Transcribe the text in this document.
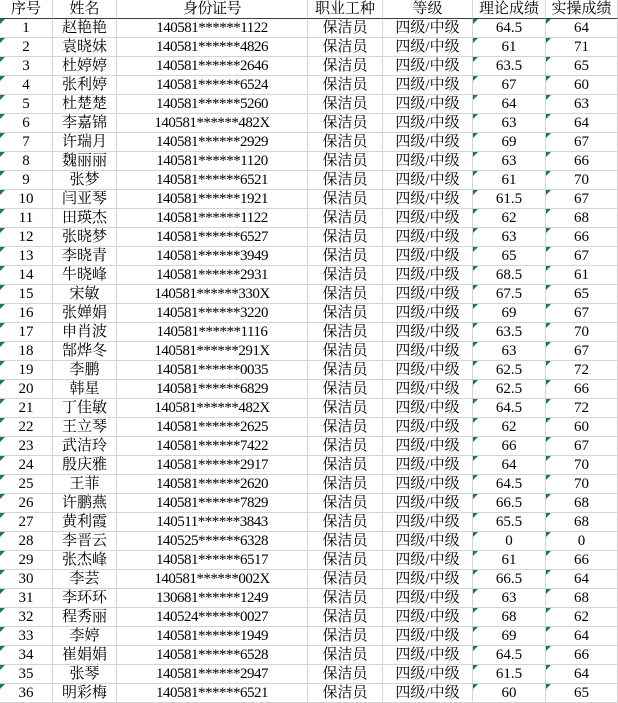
序号	姓名	身份证号	职业工种	等级	理论成绩 实操成绩
1	赵艳艳	140581******1122	保洁员	四级/中级	64.5	64
2	袁晓妹	140581******4826	保洁员	四级/中级	61	71
3	杜婷婷	140581******2646	保洁员	四级/中级	63.5	65
4	张利婷	140581******6524	保洁员	四级/中级	67	60
5	杜楚楚	140581******5260	保洁员	四级/中级	64	63
6	李嘉锦	140581******482X	保洁员	四级/中级	63	64
7	许瑞月	140581******2929	保洁员	四级/中级	69	67
8	魏丽丽	140581******1120	保洁员	四级/中级	63	66
9	张梦	140581******6521	保洁员	四级/中级	61	70
10	闫亚琴	140581******1921	保洁员	四级/中级	61.5	67
11	田瑛杰	140581******1122	保洁员	四级/中级	62	68
12	张晓梦	140581******6527	保洁员	四级/中级	63	66
13	李晓青	140581******3949	保洁员	四级/中级	65	67
14	牛晓峰	140581******2931	保洁员	四级/中级	68.5	61
15	宋敏	140581******330X	保洁员	四级/中级	67.5	65
16	张婵娟	140581******3220	保洁员	四级/中级	69	67
17	申肖波	140581******1116	保洁员	四级/中级	63.5	70
18	郜烨冬	140581******291X	保洁员	四级/中级	63	67
19	李鹏	140581******0035	保洁员	四级/中级	62.5	72
20	韩星	140581******6829	保洁员	四级/中级	62.5	66
21	丁佳敏	140581******482X	保洁员	四级/中级	64.5	72
22	王立琴	140581******2625	保洁员	四级/中级	62	60
23	武洁玲	140581******7422	保洁员	四级/中级	66	67
24	殷庆雅	140581******2917	保洁员	四级/中级	64	70
25	王菲	140581******2620	保洁员	四级/中级	64.5	70
26	许鹏燕	140581******7829	保洁员	四级/中级	66.5	68
27	黄利霞	140511******3843	保洁员	四级/中级	65.5	68
28	李晋云	140525******6328	保洁员	四级/中级	0	0
29	张杰峰	140581******6517	保洁员	四级/中级	61	66
30	李芸	140581******002X	保洁员	四级/中级	66.5	64
31	李环环	130681******1249	保洁员	四级/中级	63	68
32	程秀丽	140524******0027	保洁员	四级/中级	68	62
33	李婷	140581******1949	保洁员	四级/中级	69	64
34	崔娟娟	140581******6528	保洁员	四级/中级	64.5	66
35	张琴	140581******2947	保洁员	四级/中级	61.5	64
36	明彩梅	140581******6521	保洁员	四级/中级	60	65
